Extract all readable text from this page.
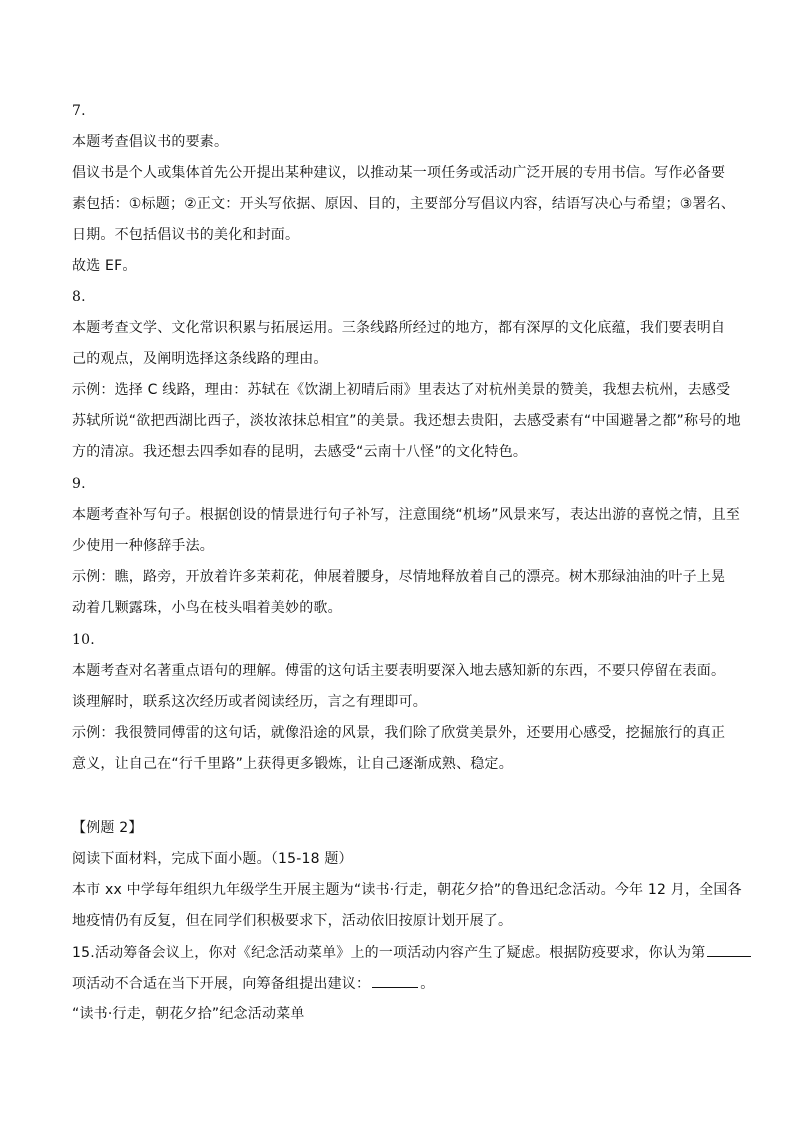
7.
本题考查倡议书的要素。
倡议书是个人或集体首先公开提出某种建议，以推动某一项任务或活动广泛开展的专用书信。写作必备要
素包括：①标题；②正文：开头写依据、原因、目的，主要部分写倡议内容，结语写决心与希望；③署名、
日期。不包括倡议书的美化和封面。
故选 EF。
8.
本题考查文学、文化常识积累与拓展运用。三条线路所经过的地方，都有深厚的文化底蕴，我们要表明自
己的观点，及阐明选择这条线路的理由。
示例：选择 C 线路，理由：苏轼在《饮湖上初晴后雨》里表达了对杭州美景的赞美，我想去杭州，去感受
苏轼所说“欲把西湖比西子，淡妆浓抹总相宜”的美景。我还想去贵阳，去感受素有“中国避暑之都”称号的地
方的清凉。我还想去四季如春的昆明，去感受“云南十八怪”的文化特色。
9.
本题考查补写句子。根据创设的情景进行句子补写，注意围绕“机场”风景来写，表达出游的喜悦之情，且至
少使用一种修辞手法。
示例：瞧，路旁，开放着许多茉莉花，伸展着腰身，尽情地释放着自己的漂亮。树木那绿油油的叶子上晃
动着几颗露珠，小鸟在枝头唱着美妙的歌。
10.
本题考查对名著重点语句的理解。傅雷的这句话主要表明要深入地去感知新的东西，不要只停留在表面。
谈理解时，联系这次经历或者阅读经历，言之有理即可。
示例：我很赞同傅雷的这句话，就像沿途的风景，我们除了欣赏美景外，还要用心感受，挖掘旅行的真正
意义，让自己在“行千里路”上获得更多锻炼，让自己逐渐成熟、稳定。
【例题 2】
阅读下面材料，完成下面小题。（15-18 题）
本市 xx 中学每年组织九年级学生开展主题为“读书·行走，朝花夕拾”的鲁迅纪念活动。今年 12 月，全国各
地疫情仍有反复，但在同学们积极要求下，活动依旧按原计划开展了。
15.活动筹备会议上，你对《纪念活动菜单》上的一项活动内容产生了疑虑。根据防疫要求，你认为第
项活动不合适在当下开展，向筹备组提出建议：	。
“读书·行走，朝花夕拾”纪念活动菜单
